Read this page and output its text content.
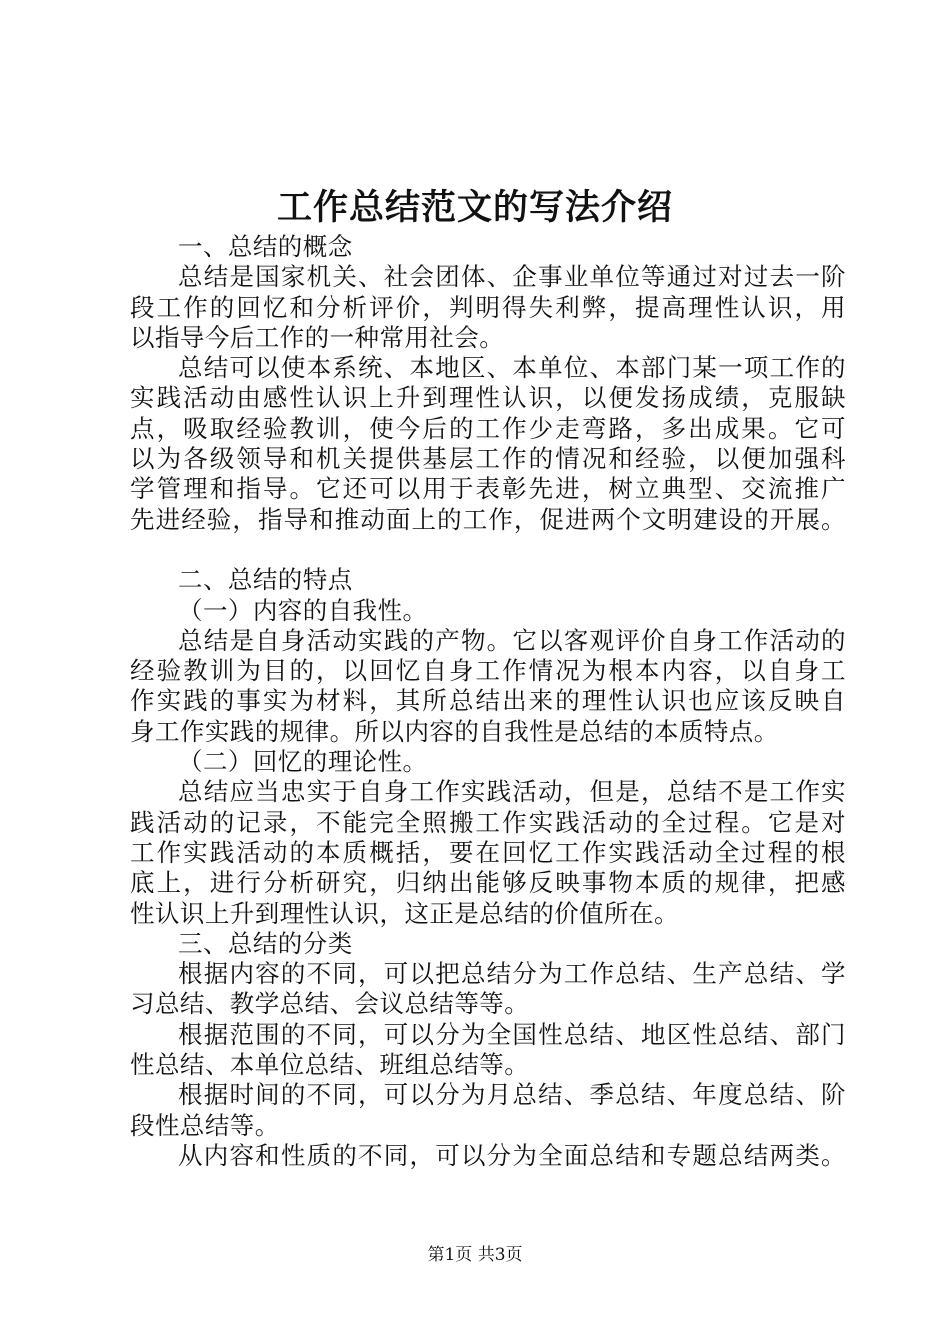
工作总结范文的写法介绍
一、总结的概念
总结是国家机关、社会团体、企事业单位等通过对过去一阶
段工作的回忆和分析评价，判明得失利弊，提高理性认识，用
以指导今后工作的一种常用社会。
总结可以使本系统、本地区、本单位、本部门某一项工作的
实践活动由感性认识上升到理性认识，以便发扬成绩，克服缺
点，吸取经验教训，使今后的工作少走弯路，多出成果。它可
以为各级领导和机关提供基层工作的情况和经验，以便加强科
学管理和指导。它还可以用于表彰先进，树立典型、交流推广
先进经验，指导和推动面上的工作，促进两个文明建设的开展。
二、总结的特点
（一）内容的自我性。
总结是自身活动实践的产物。它以客观评价自身工作活动的
经验教训为目的，以回忆自身工作情况为根本内容，以自身工
作实践的事实为材料，其所总结出来的理性认识也应该反映自
身工作实践的规律。所以内容的自我性是总结的本质特点。
（二）回忆的理论性。
总结应当忠实于自身工作实践活动，但是，总结不是工作实
践活动的记录，不能完全照搬工作实践活动的全过程。它是对
工作实践活动的本质概括，要在回忆工作实践活动全过程的根
底上，进行分析研究，归纳出能够反映事物本质的规律，把感
性认识上升到理性认识，这正是总结的价值所在。
三、总结的分类
根据内容的不同，可以把总结分为工作总结、生产总结、学
习总结、教学总结、会议总结等等。
根据范围的不同，可以分为全国性总结、地区性总结、部门
性总结、本单位总结、班组总结等。
根据时间的不同，可以分为月总结、季总结、年度总结、阶
段性总结等。
从内容和性质的不同，可以分为全面总结和专题总结两类。
第1页 共3页
